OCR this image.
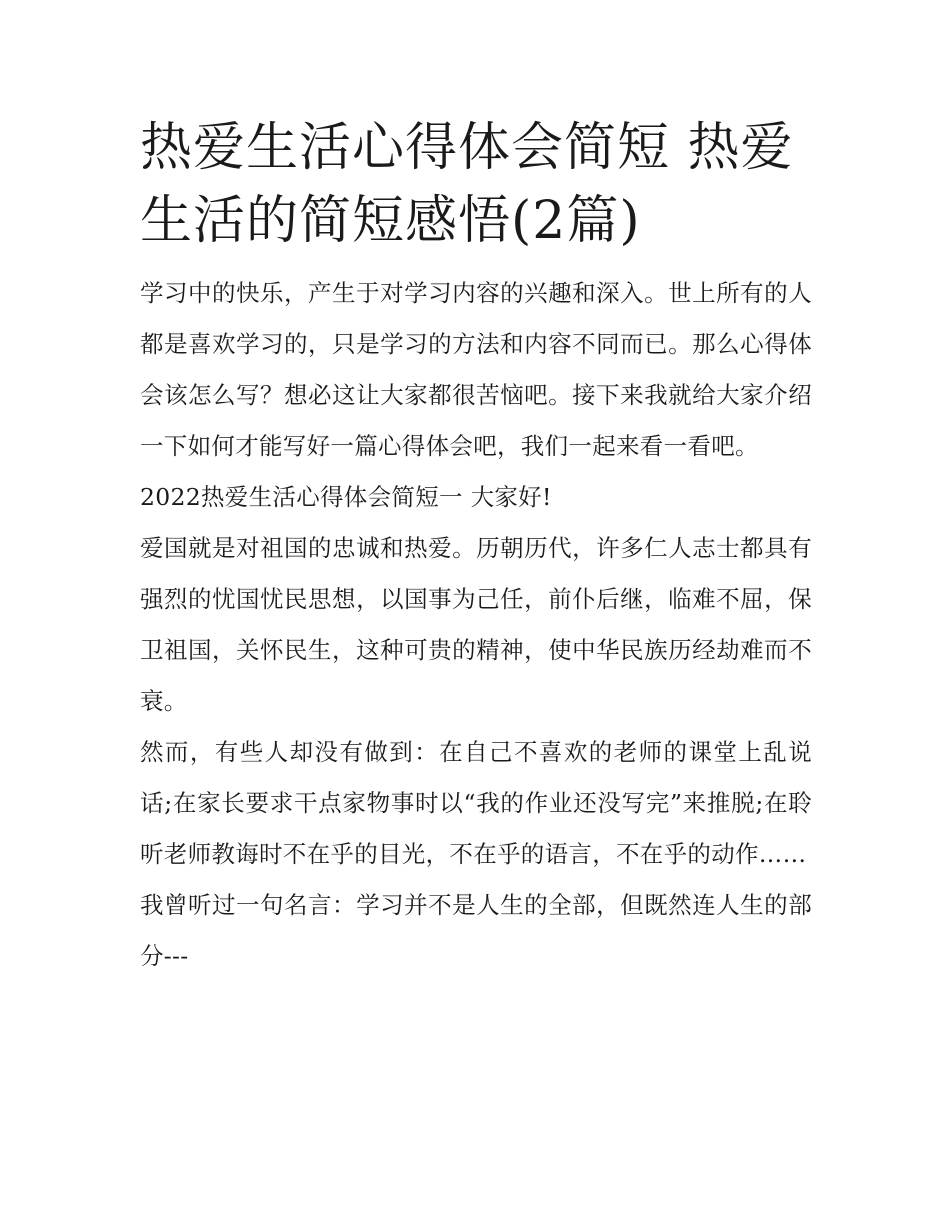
热爱生活心得体会简短 热爱生活的简短感悟(2篇)

学习中的快乐，产生于对学习内容的兴趣和深入。世上所有的人都是喜欢学习的，只是学习的方法和内容不同而已。那么心得体会该怎么写？想必这让大家都很苦恼吧。接下来我就给大家介绍一下如何才能写好一篇心得体会吧，我们一起来看一看吧。

2022热爱生活心得体会简短一 大家好!

爱国就是对祖国的忠诚和热爱。历朝历代，许多仁人志士都具有强烈的忧国忧民思想，以国事为己任，前仆后继，临难不屈，保卫祖国，关怀民生，这种可贵的精神，使中华民族历经劫难而不衰。

然而，有些人却没有做到：在自己不喜欢的老师的课堂上乱说话;在家长要求干点家物事时以“我的作业还没写完”来推脱;在聆听老师教诲时不在乎的目光，不在乎的语言，不在乎的动作……

我曾听过一句名言：学习并不是人生的全部，但既然连人生的部分---
